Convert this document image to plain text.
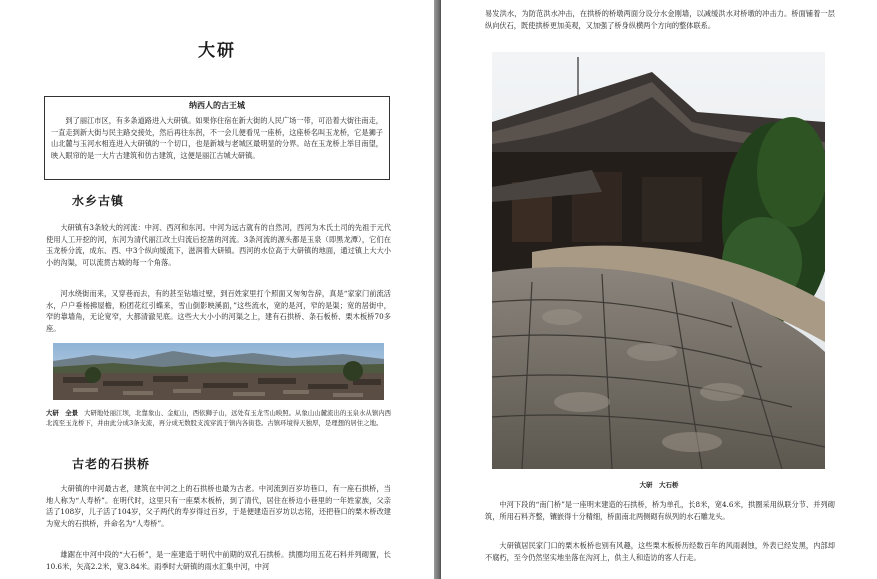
大研
纳西人的古王城
到了丽江市区，有多条道路进入大研镇。如果你住宿在新大街的人民广场一带，可沿着大街往南走，一直走到新大街与民主路交接处，然后再往东拐，不一会儿便看见一座桥，这座桥名叫玉龙桥，它是狮子山北麓与玉河水相连进入大研镇的一个切口，也是新城与老城区最明显的分界。站在玉龙桥上举目南望，映入眼帘的是一大片古建筑和仿古建筑，这便是丽江古城大研镇。
水乡古镇
大研镇有3条较大的河流：中河、西河和东河。中河为远古就有的自然河，西河为木氏土司的先祖于元代使用人工开挖的河，东河为清代丽江改土归流后挖凿的河流。3条河流的源头都是玉泉（即黑龙潭），它们在玉龙桥分流，成东、西、中3个纵向缓流下，滋润着大研镇。西河的水位高于大研镇的地面，通过镇上大大小小的沟渠，可以流贯古城的每一个角落。
河水绕街而来，又穿巷而去，有的甚至钻墙过壁，到百姓家里打个照面又匆匆告辞，真是“家家门前流活水，户户垂杨拂屋檐，粉团花红引蝶来，雪山倒影映溪面，”这些流水，宽的是河，窄的是渠；宽的居街中，窄的靠墙角，无论宽窄，大都清澈见底。这些大大小小的河渠之上，建有石拱桥、条石板桥、栗木板桥70多座。
大研　全景 大研地处丽江坝，北靠象山、金虹山，西依狮子山，远处有玉龙雪山映照。从象山山麓流出的玉泉水从镇内西北流至玉龙桥下，并由此分成3条支流，再分成无数股支流穿流于镇内各街巷。古镇环境得天独厚，是理想的居住之地。
古老的石拱桥
大研镇的中河最古老，建筑在中河之上的石拱桥也最为古老。中河流到百岁坊巷口，有一座石拱桥，当地人称为“人寿桥”。在明代时，这里只有一座栗木板桥，到了清代，居住在桥边小巷里的一年姓家族，父亲活了108岁，儿子活了104岁，父子两代的寿岁得过百岁，于是便建造百岁坊以志铭，还把巷口的栗木桥改建为宽大的石拱桥，并命名为“人寿桥”。
雄踞在中河中段的“大石桥”，是一座建造于明代中前期的双孔石拱桥。拱圈均用五花石料并列砌置，长10.6米，矢高2.2米，宽3.84米。雨季时大研镇的雨水汇集中河，中河
易发洪水，为防范洪水冲击，在拱桥的桥墩两面分设分水金刚墙，以减缓洪水对桥墩的冲击力。桥面铺着一层纵向伏石，既使拱桥更加美观，又加强了桥身纵横两个方向的整体联系。
大研　大石桥
中河下段的“南门桥”是一座明末建造的石拱桥，桥为单孔，长8米，宽4.6米，拱圈采用纵联分节、并列砌筑，所用石料齐整，镶嵌得十分精细，桥面南北两侧砌有纵列的水石雕龙头。
大研镇居民家门口的栗木板桥也别有风趣，这些栗木板桥历经数百年的风雨剥蚀，外表已经发黑，内部却不腐朽，至今仍然坚实地坐落在沟河上，供主人和造访的客人行走。
